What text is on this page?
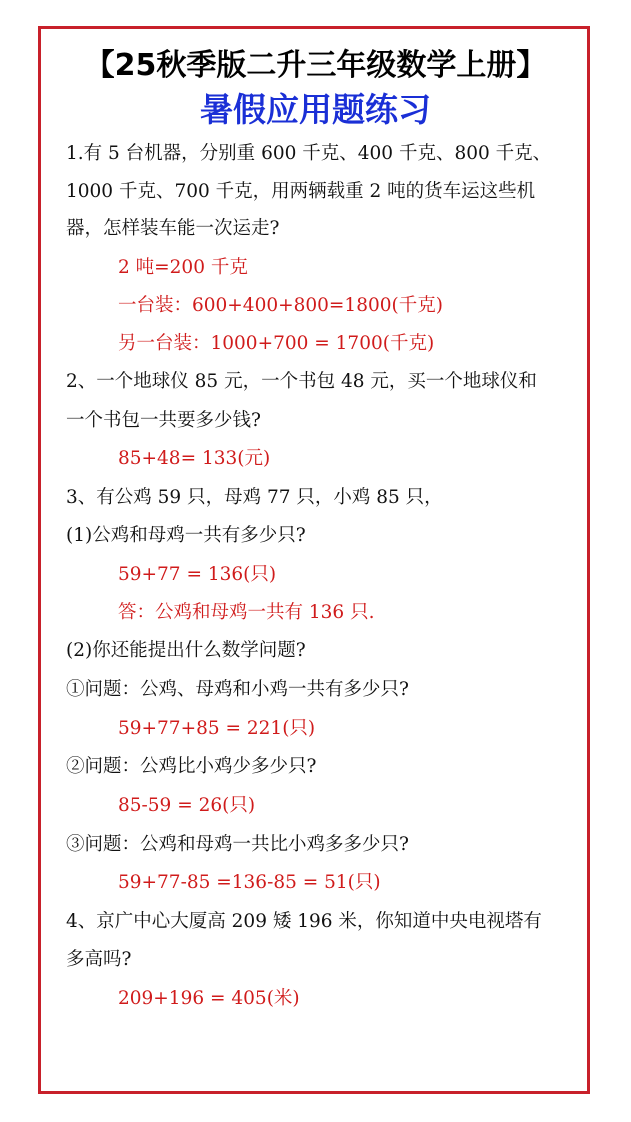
【25秋季版二升三年级数学上册】
暑假应用题练习
1.有 5 台机器，分别重 600 千克、400 千克、800 千克、
1000 千克、700 千克，用两辆载重 2 吨的货车运这些机
器，怎样装车能一次运走?
2 吨=200 千克
一台装：600+400+800=1800(千克)
另一台装：1000+700 = 1700(千克)
2、一个地球仪 85 元，一个书包 48 元，买一个地球仪和
一个书包一共要多少钱?
85+48= 133(元)
3、有公鸡 59 只，母鸡 77 只，小鸡 85 只，
(1)公鸡和母鸡一共有多少只?
59+77 = 136(只)
答：公鸡和母鸡一共有 136 只.
(2)你还能提出什么数学问题?
①问题：公鸡、母鸡和小鸡一共有多少只?
59+77+85 = 221(只)
②问题：公鸡比小鸡少多少只?
85-59 = 26(只)
③问题：公鸡和母鸡一共比小鸡多多少只?
59+77-85 =136-85 = 51(只)
4、京广中心大厦高 209 矮 196 米，你知道中央电视塔有
多高吗?
209+196 = 405(米)
